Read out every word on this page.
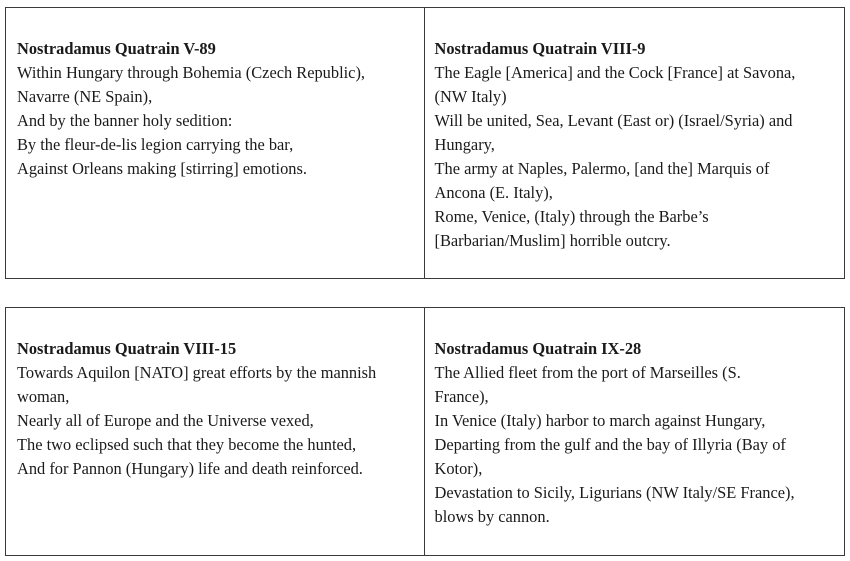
Nostradamus Quatrain V-89
Within Hungary through Bohemia (Czech Republic),
Navarre (NE Spain),
And by the banner holy sedition:
By the fleur-de-lis legion carrying the bar,
Against Orleans making [stirring] emotions.
Nostradamus Quatrain VIII-9
The Eagle [America] and the Cock [France] at Savona,
(NW Italy)
Will be united, Sea, Levant (East or) (Israel/Syria) and
Hungary,
The army at Naples, Palermo, [and the] Marquis of
Ancona (E. Italy),
Rome, Venice, (Italy) through the Barbe’s
[Barbarian/Muslim] horrible outcry.
Nostradamus Quatrain VIII-15
Towards Aquilon [NATO] great efforts by the mannish
woman,
Nearly all of Europe and the Universe vexed,
The two eclipsed such that they become the hunted,
And for Pannon (Hungary) life and death reinforced.
Nostradamus Quatrain IX-28
The Allied fleet from the port of Marseilles (S.
France),
In Venice (Italy) harbor to march against Hungary,
Departing from the gulf and the bay of Illyria (Bay of
Kotor),
Devastation to Sicily, Ligurians (NW Italy/SE France),
blows by cannon.
